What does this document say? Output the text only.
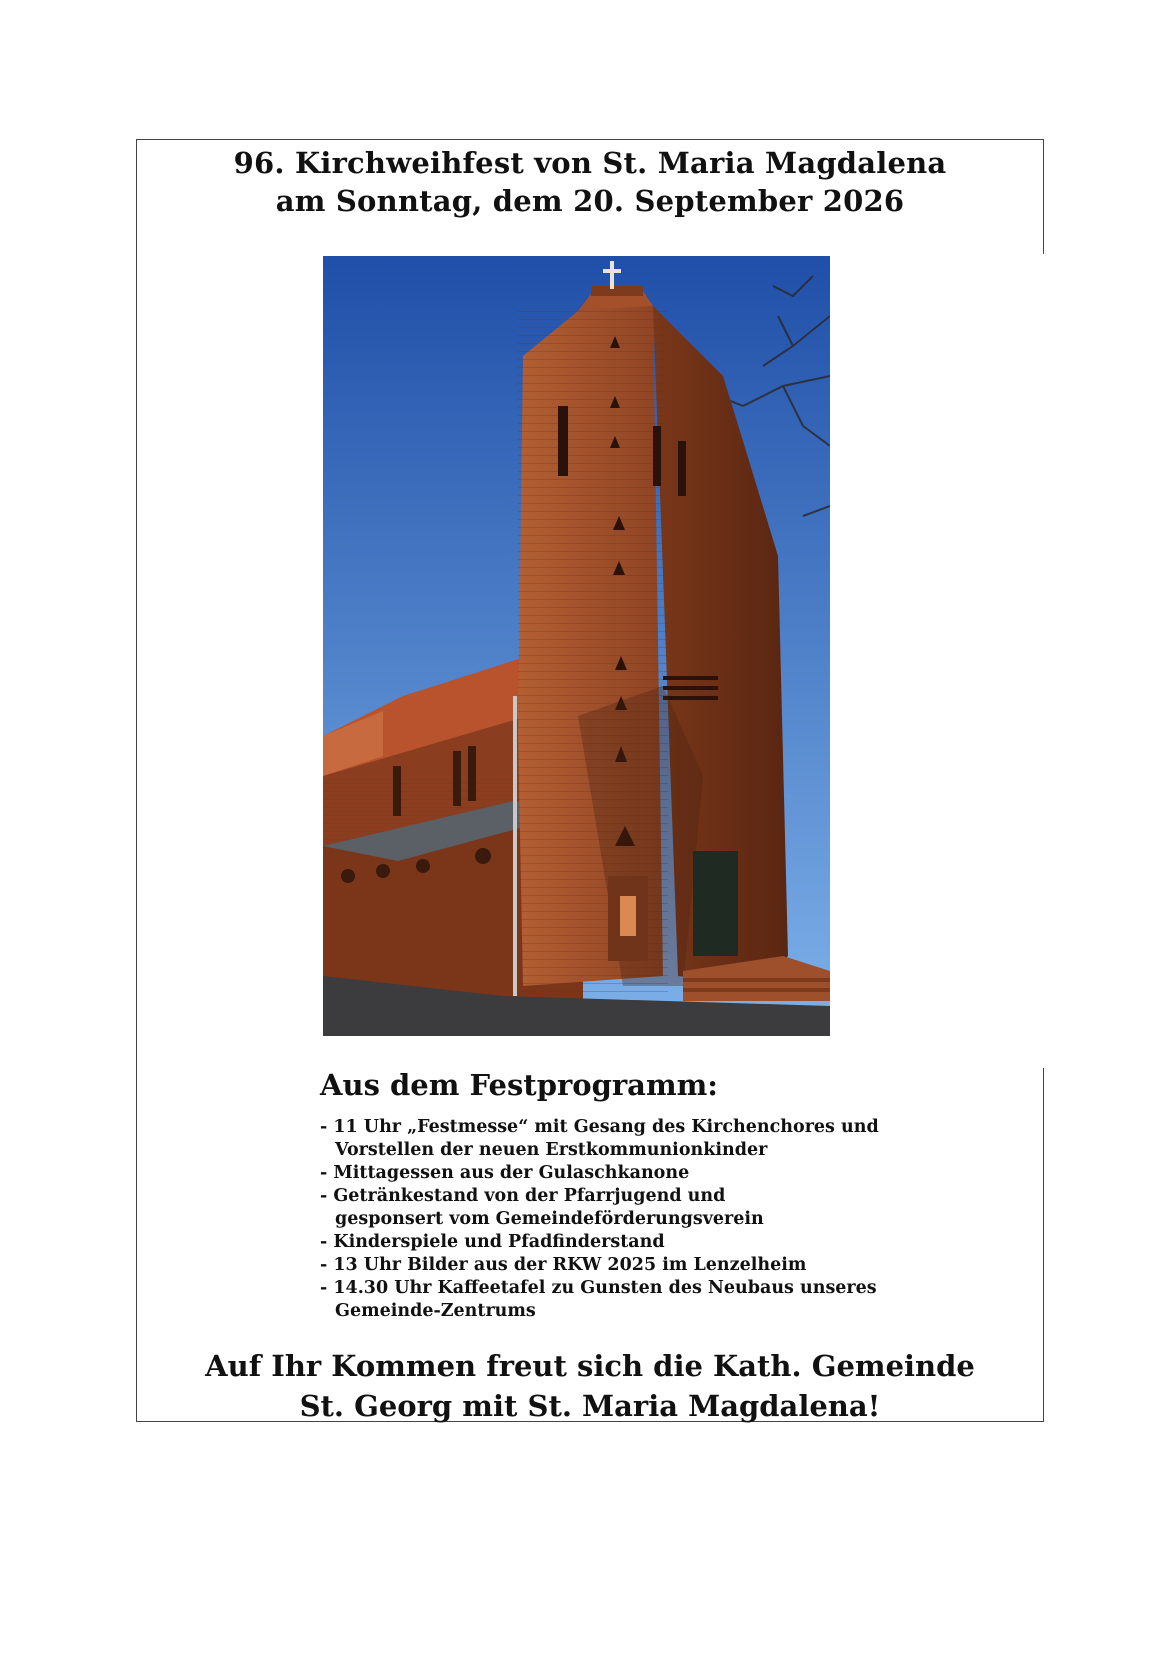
96. Kirchweihfest von St. Maria Magdalena
am Sonntag, dem 20. September 2026
Aus dem Festprogramm:
- 11 Uhr „Festmesse“ mit Gesang des Kirchenchores und
Vorstellen der neuen Erstkommunionkinder
- Mittagessen aus der Gulaschkanone
- Getränkestand von der Pfarrjugend und
gesponsert vom Gemeindeförderungsverein
- Kinderspiele und Pfadfinderstand
- 13 Uhr Bilder aus der RKW 2025 im Lenzelheim
- 14.30 Uhr Kaffeetafel zu Gunsten des Neubaus unseres
Gemeinde-Zentrums
Auf Ihr Kommen freut sich die Kath. Gemeinde
St. Georg mit St. Maria Magdalena!
